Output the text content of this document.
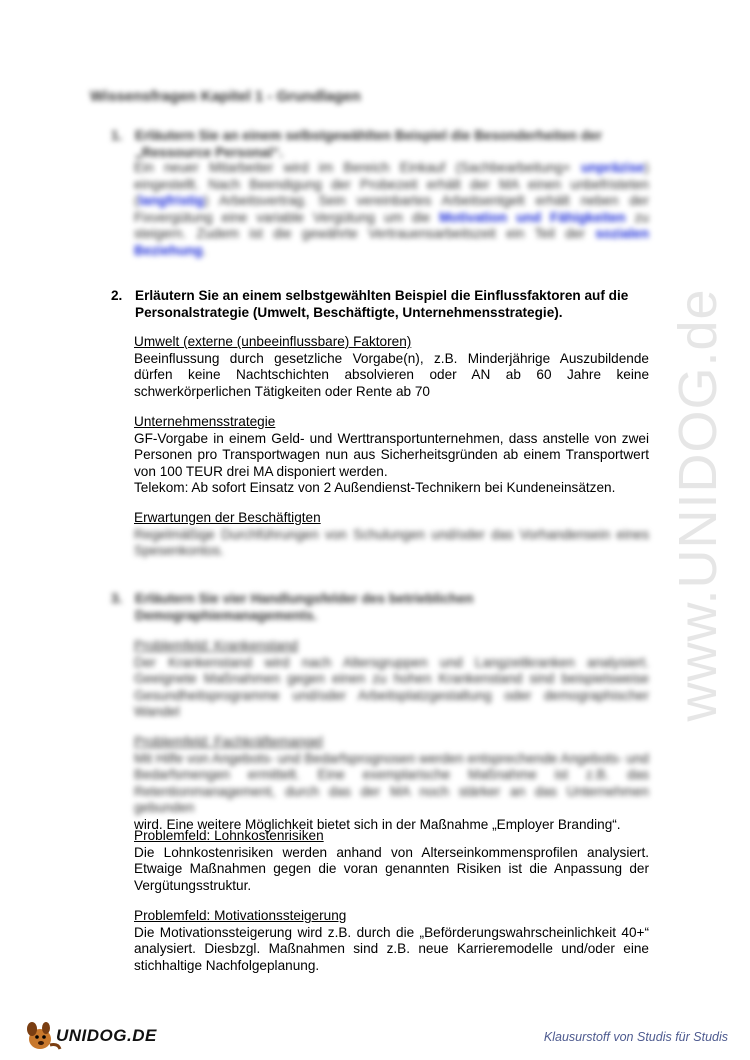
www.UNIDOG.de
Wissensfragen Kapitel 1 - Grundlagen
1. Erläutern Sie an einem selbstgewählten Beispiel die Besonderheiten der „Ressource Personal“.
Ein neuer Mitarbeiter wird im Bereich Einkauf (Sachbearbeitung+ unpräzise) eingestellt. Nach Beendigung der Probezeit erhält der MA einen unbefristeten (langfristig) Arbeitsvertrag. Sein vereinbartes Arbeitsentgelt erhält neben der Fixvergütung eine variable Vergütung um die Motivation und Fähigkeiten zu steigern. Zudem ist die gewährte Vertrauensarbeitszeit ein Teil der sozialen Beziehung.
2. Erläutern Sie an einem selbstgewählten Beispiel die Einflussfaktoren auf die Personalstrategie (Umwelt, Beschäftigte, Unternehmensstrategie).
Umwelt (externe (unbeeinflussbare) Faktoren)

Beeinflussung durch gesetzliche Vorgabe(n), z.B. Minderjährige Auszubildende dürfen keine Nachtschichten absolvieren oder AN ab 60 Jahre keine schwerkörperlichen Tätigkeiten oder Rente ab 70

Unternehmensstrategie

GF-Vorgabe in einem Geld- und Werttransportunternehmen, dass anstelle von zwei Personen pro Transportwagen nun aus Sicherheitsgründen ab einem Transportwert von 100 TEUR drei MA disponiert werden.

Telekom: Ab sofort Einsatz von 2 Außendienst-Technikern bei Kundeneinsätzen.

Erwartungen der Beschäftigten

Regelmäßige Durchführungen von Schulungen und/oder das Vorhandensein eines Spesenkontos.

3. Erläutern Sie vier Handlungsfelder des betrieblichen Demographiemanagements.
Problemfeld: Krankenstand

Der Krankenstand wird nach Altersgruppen und Langzeitkranken analysiert. Geeignete Maßnahmen gegen einen zu hohen Krankenstand sind beispielsweise Gesundheitsprogramme und/oder Arbeitsplatzgestaltung oder demographischer Wandel

Problemfeld: Fachkräftemangel

Mit Hilfe von Angebots- und Bedarfsprognosen werden entsprechende Angebots- und Bedarfsmengen ermittelt. Eine exemplarische Maßnahme ist z.B. das Retentionmanagement, durch das der MA noch stärker an das Unternehmen gebunden

wird. Eine weitere Möglichkeit bietet sich in der Maßnahme „Employer Branding“.

Problemfeld: Lohnkostenrisiken

Die Lohnkostenrisiken werden anhand von Alterseinkommensprofilen analysiert. Etwaige Maßnahmen gegen die voran genannten Risiken ist die Anpassung der Vergütungsstruktur.

Problemfeld: Motivationssteigerung

Die Motivationssteigerung wird z.B. durch die „Beförderungswahrscheinlichkeit 40+“ analysiert. Diesbzgl. Maßnahmen sind z.B. neue Karrieremodelle und/oder eine stichhaltige Nachfolgeplanung.

UNIDOG.DE	Klausurstoff von Studis für Studis
